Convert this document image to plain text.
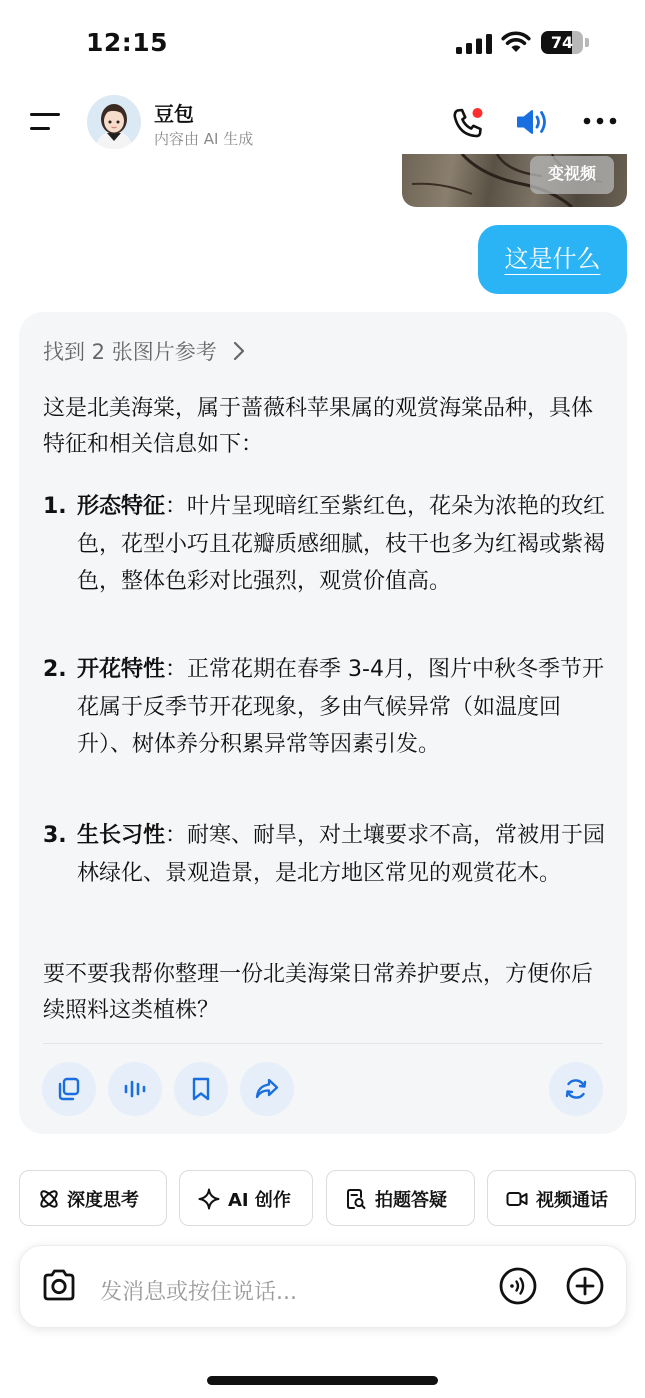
12:15	74
豆包
内容由 AI 生成
变视频
这是什么
找到 2 张图片参考
这是北美海棠，属于蔷薇科苹果属的观赏海棠品种，具体特征和相关信息如下：
1. 形态特征：叶片呈现暗红至紫红色，花朵为浓艳的玫红色，花型小巧且花瓣质感细腻，枝干也多为红褐或紫褐色，整体色彩对比强烈，观赏价值高。
2. 开花特性：正常花期在春季 3-4月，图片中秋冬季节开花属于反季节开花现象，多由气候异常（如温度回升）、树体养分积累异常等因素引发。
3. 生长习性：耐寒、耐旱，对土壤要求不高，常被用于园林绿化、景观造景，是北方地区常见的观赏花木。
要不要我帮你整理一份北美海棠日常养护要点，方便你后续照料这类植株？
深度思考	AI 创作	拍题答疑	视频通话
发消息或按住说话...
